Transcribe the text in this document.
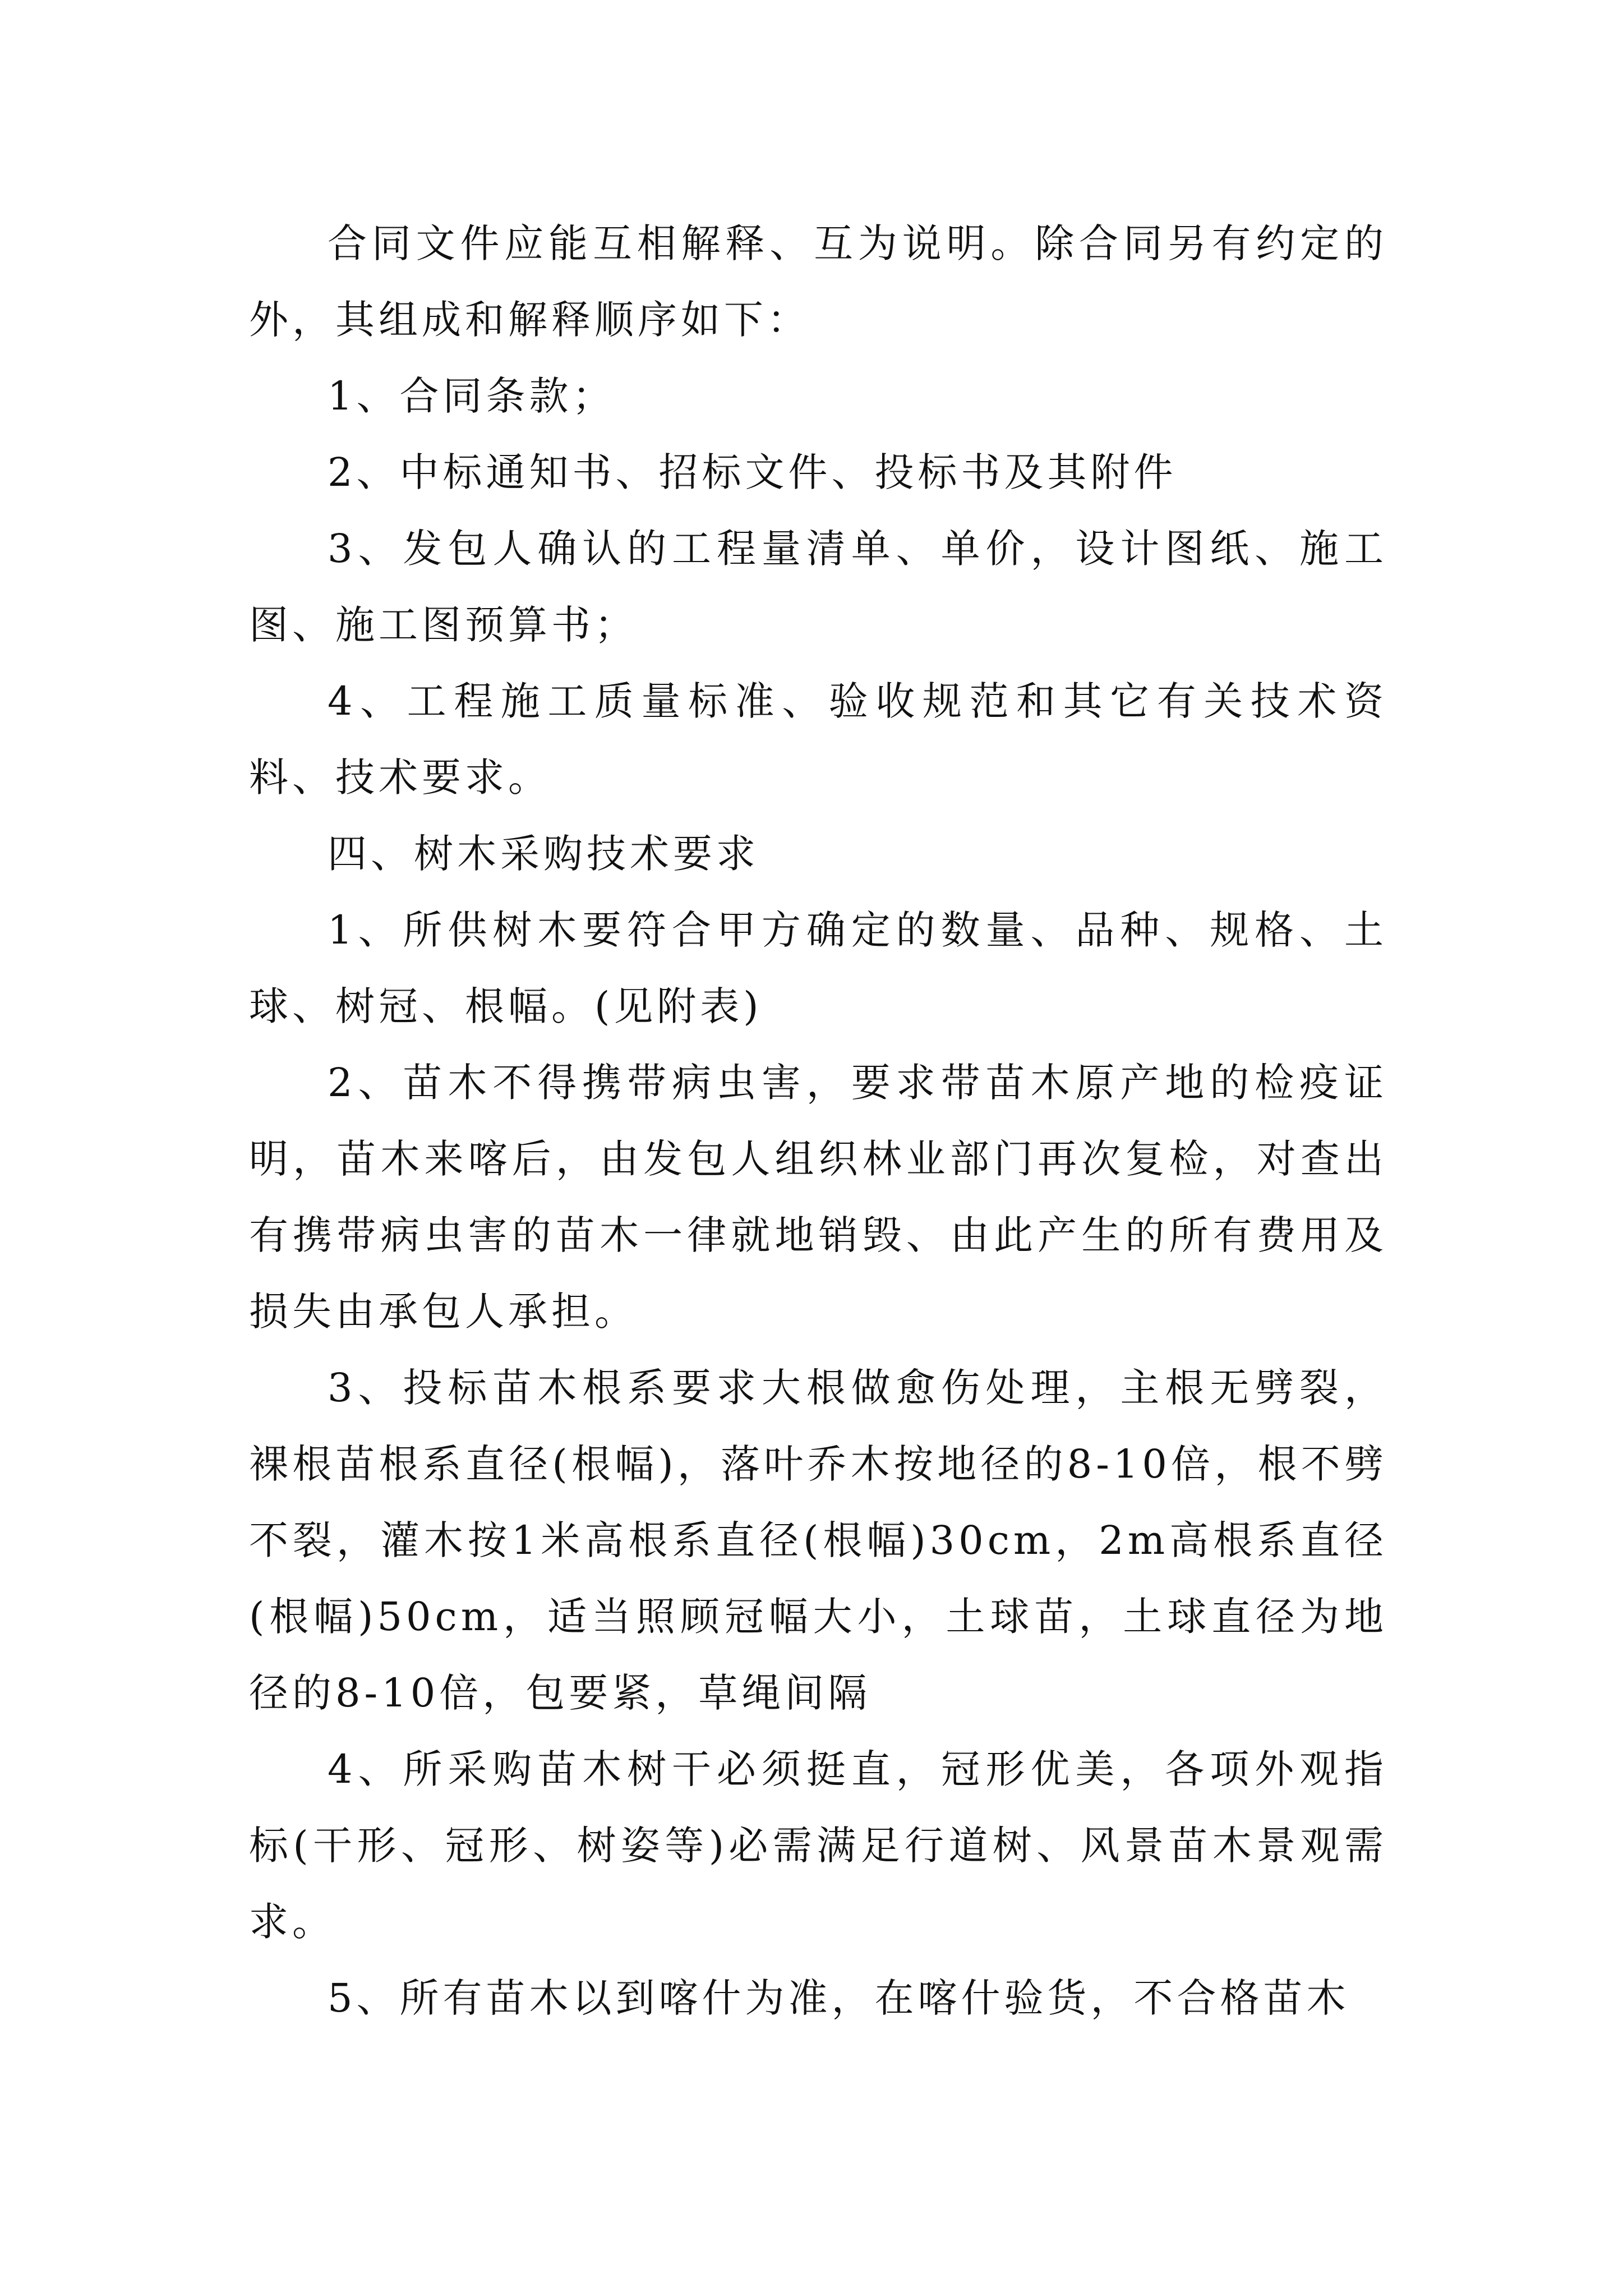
合同文件应能互相解释、互为说明。除合同另有约定的外，其组成和解释顺序如下：

1、合同条款；

2、中标通知书、招标文件、投标书及其附件

3、发包人确认的工程量清单、单价，设计图纸、施工图、施工图预算书；

4、工程施工质量标准、验收规范和其它有关技术资料、技术要求。

四、树木采购技术要求

1、所供树木要符合甲方确定的数量、品种、规格、土球、树冠、根幅。(见附表)

2、苗木不得携带病虫害，要求带苗木原产地的检疫证明，苗木来喀后，由发包人组织林业部门再次复检，对查出有携带病虫害的苗木一律就地销毁、由此产生的所有费用及损失由承包人承担。

3、投标苗木根系要求大根做愈伤处理，主根无劈裂，裸根苗根系直径(根幅)，落叶乔木按地径的8-10倍，根不劈不裂，灌木按1米高根系直径(根幅)30cm，2m高根系直径(根幅)50cm，适当照顾冠幅大小，土球苗，土球直径为地径的8-10倍，包要紧，草绳间隔

4、所采购苗木树干必须挺直，冠形优美，各项外观指标(干形、冠形、树姿等)必需满足行道树、风景苗木景观需求。

5、所有苗木以到喀什为准，在喀什验货，不合格苗木
